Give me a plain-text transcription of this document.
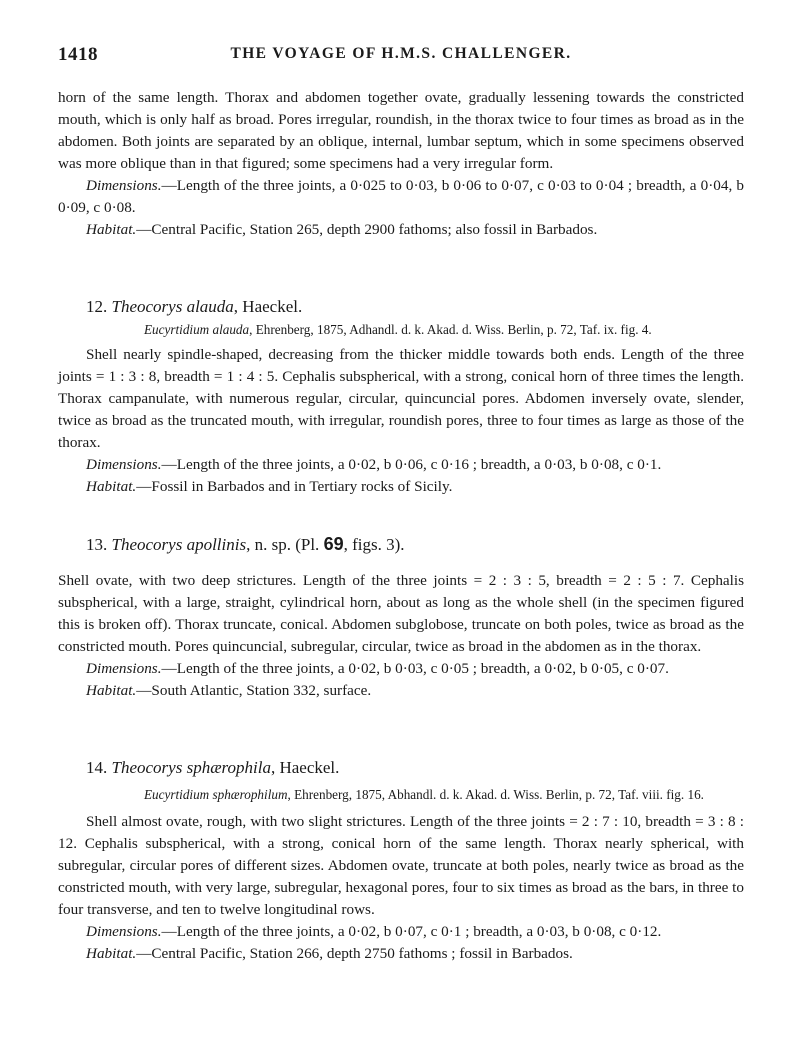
1418	THE VOYAGE OF H.M.S. CHALLENGER.

horn of the same length. Thorax and abdomen together ovate, gradually lessening towards the constricted mouth, which is only half as broad. Pores irregular, roundish, in the thorax twice to four times as broad as in the abdomen. Both joints are separated by an oblique, internal, lumbar septum, which in some specimens observed was more oblique than in that figured; some specimens had a very irregular form.

Dimensions.—Length of the three joints, a 0·025 to 0·03, b 0·06 to 0·07, c 0·03 to 0·04 ; breadth, a 0·04, b 0·09, c 0·08.

Habitat.—Central Pacific, Station 265, depth 2900 fathoms; also fossil in Barbados.

12. Theocorys alauda, Haeckel.

Eucyrtidium alauda, Ehrenberg, 1875, Adhandl. d. k. Akad. d. Wiss. Berlin, p. 72, Taf. ix. fig. 4.

Shell nearly spindle-shaped, decreasing from the thicker middle towards both ends. Length of the three joints = 1 : 3 : 8, breadth = 1 : 4 : 5. Cephalis subspherical, with a strong, conical horn of three times the length. Thorax campanulate, with numerous regular, circular, quincuncial pores. Abdomen inversely ovate, slender, twice as broad as the truncated mouth, with irregular, roundish pores, three to four times as large as those of the thorax.

Dimensions.—Length of the three joints, a 0·02, b 0·06, c 0·16 ; breadth, a 0·03, b 0·08, c 0·1.

Habitat.—Fossil in Barbados and in Tertiary rocks of Sicily.

13. Theocorys apollinis, n. sp. (Pl. 69, figs. 3).

Shell ovate, with two deep strictures. Length of the three joints = 2 : 3 : 5, breadth = 2 : 5 : 7. Cephalis subspherical, with a large, straight, cylindrical horn, about as long as the whole shell (in the specimen figured this is broken off). Thorax truncate, conical. Abdomen subglobose, truncate on both poles, twice as broad as the constricted mouth. Pores quincuncial, subregular, circular, twice as broad in the abdomen as in the thorax.

Dimensions.—Length of the three joints, a 0·02, b 0·03, c 0·05 ; breadth, a 0·02, b 0·05, c 0·07.

Habitat.—South Atlantic, Station 332, surface.

14. Theocorys sphærophila, Haeckel.

Eucyrtidium sphærophilum, Ehrenberg, 1875, Abhandl. d. k. Akad. d. Wiss. Berlin, p. 72, Taf. viii. fig. 16.

Shell almost ovate, rough, with two slight strictures. Length of the three joints = 2 : 7 : 10, breadth = 3 : 8 : 12. Cephalis subspherical, with a strong, conical horn of the same length. Thorax nearly spherical, with subregular, circular pores of different sizes. Abdomen ovate, truncate at both poles, nearly twice as broad as the constricted mouth, with very large, subregular, hexagonal pores, four to six times as broad as the bars, in three to four transverse, and ten to twelve longitudinal rows.

Dimensions.—Length of the three joints, a 0·02, b 0·07, c 0·1 ; breadth, a 0·03, b 0·08, c 0·12.

Habitat.—Central Pacific, Station 266, depth 2750 fathoms ; fossil in Barbados.
